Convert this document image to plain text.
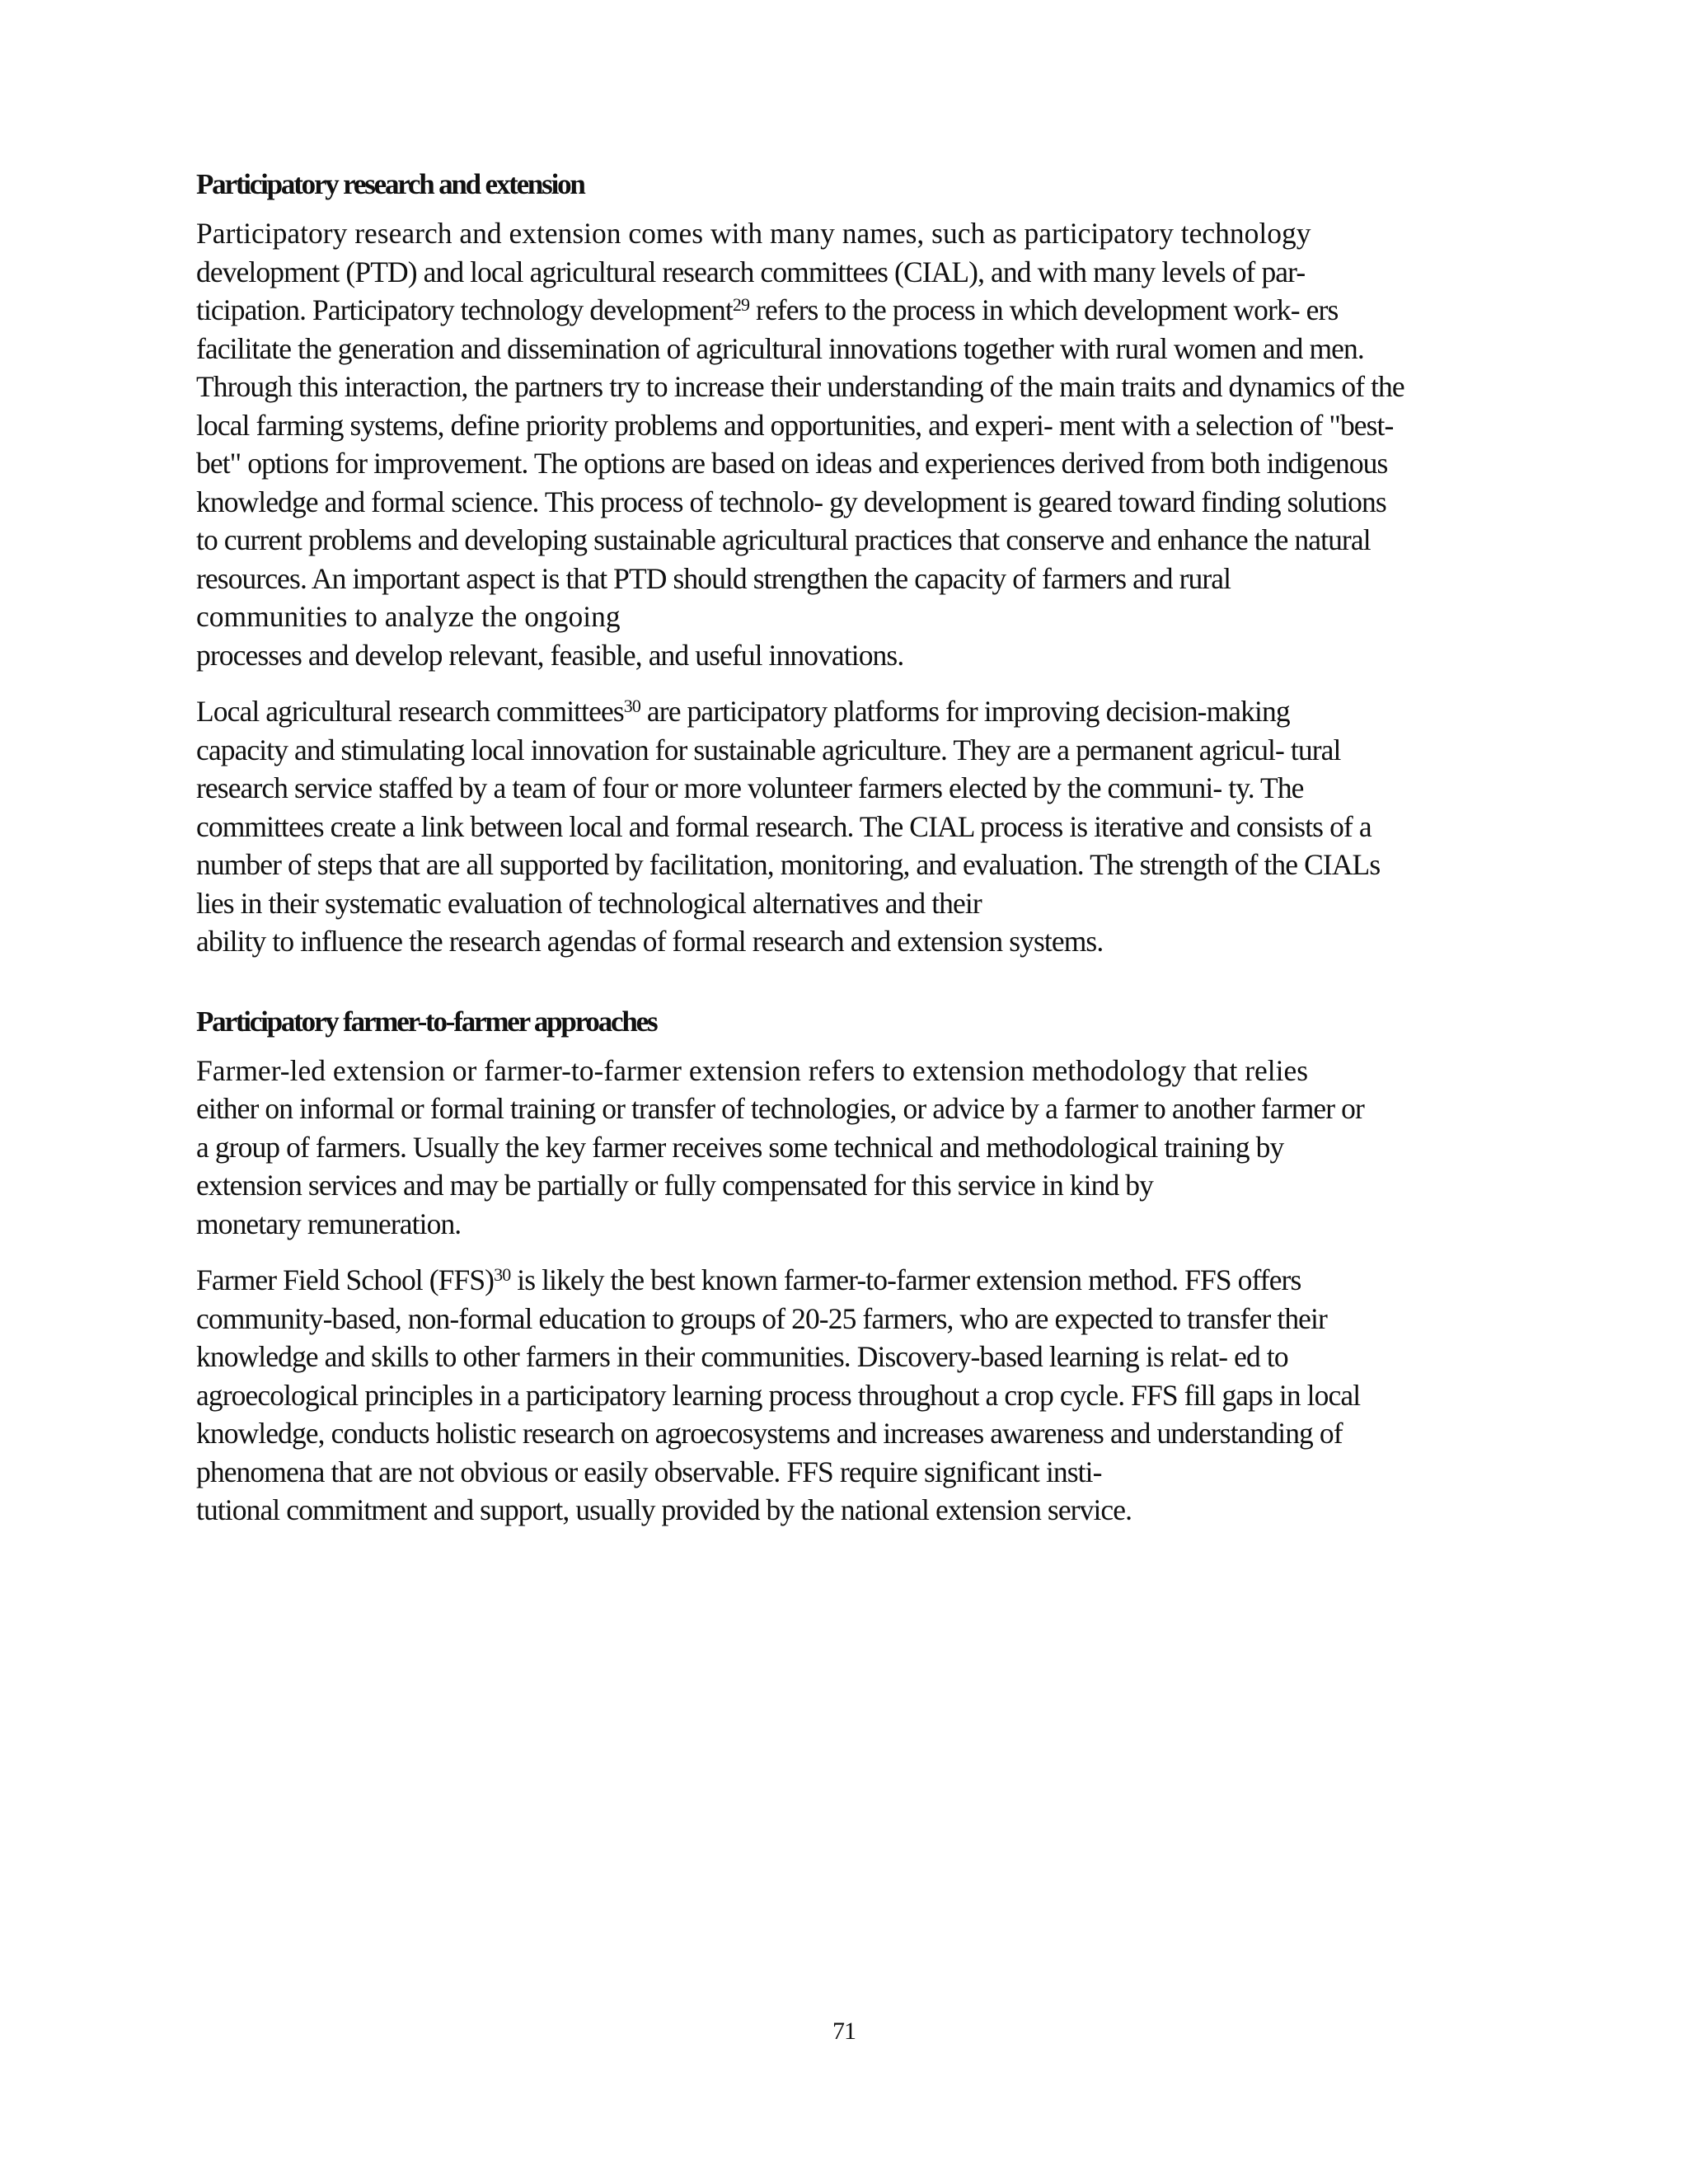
Participatory research and extension
Participatory research and extension comes with many names, such as participatory technology
development (PTD) and local agricultural research committees (CIAL), and with many levels of par-
ticipation. Participatory technology development$^{29}$ refers to the process in which development work- ers
facilitate the generation and dissemination of agricultural innovations together with rural women and men.
Through this interaction, the partners try to increase their understanding of the main traits and dynamics of the
local farming systems, define priority problems and opportunities, and experi- ment with a selection of "best-
bet" options for improvement. The options are based on ideas and experiences derived from both indigenous
knowledge and formal science. This process of technolo- gy development is geared toward finding solutions
to current problems and developing sustainable agricultural practices that conserve and enhance the natural
resources. An important aspect is that PTD should strengthen the capacity of farmers and rural
communities to analyze the ongoing
processes and develop relevant, feasible, and useful innovations.
Local agricultural research committees$^{30}$ are participatory platforms for improving decision-making
capacity and stimulating local innovation for sustainable agriculture. They are a permanent agricul- tural
research service staffed by a team of four or more volunteer farmers elected by the communi- ty. The
committees create a link between local and formal research. The CIAL process is iterative and consists of a
number of steps that are all supported by facilitation, monitoring, and evaluation. The strength of the CIALs
lies in their systematic evaluation of technological alternatives and their
ability to influence the research agendas of formal research and extension systems.
Participatory farmer-to-farmer approaches
Farmer-led extension or farmer-to-farmer extension refers to extension methodology that relies
either on informal or formal training or transfer of technologies, or advice by a farmer to another farmer or
a group of farmers. Usually the key farmer receives some technical and methodological training by
extension services and may be partially or fully compensated for this service in kind by
monetary remuneration.
Farmer Field School (FFS)$^{30}$ is likely the best known farmer-to-farmer extension method. FFS offers
community-based, non-formal education to groups of 20-25 farmers, who are expected to transfer their
knowledge and skills to other farmers in their communities. Discovery-based learning is relat- ed to
agroecological principles in a participatory learning process throughout a crop cycle. FFS fill gaps in local
knowledge, conducts holistic research on agroecosystems and increases awareness and understanding of
phenomena that are not obvious or easily observable. FFS require significant insti-
tutional commitment and support, usually provided by the national extension service.
71
